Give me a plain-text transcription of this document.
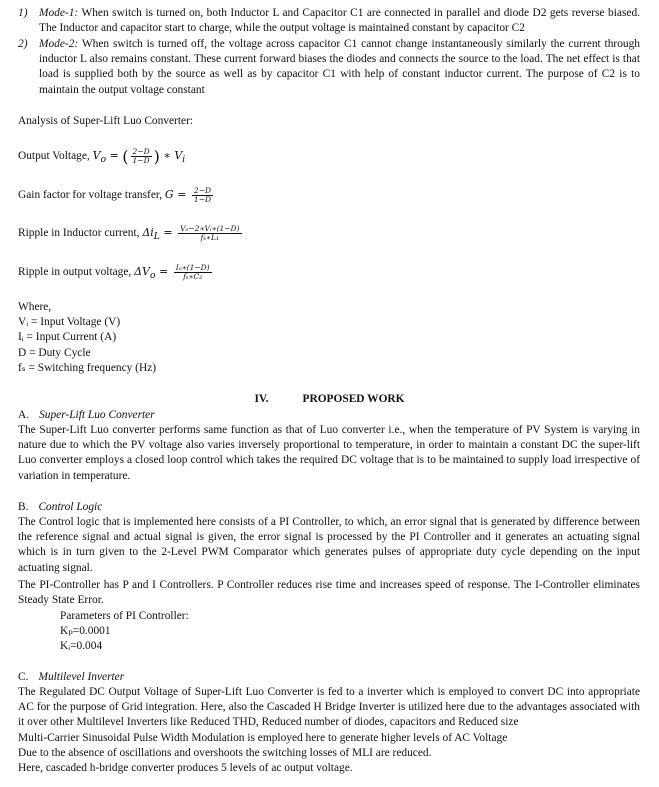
1) Mode-1: When switch is turned on, both Inductor L and Capacitor C1 are connected in parallel and diode D2 gets reverse biased. The Inductor and capacitor start to charge, while the output voltage is maintained constant by capacitor C2
2) Mode-2: When switch is turned off, the voltage across capacitor C1 cannot change instantaneously similarly the current through inductor L also remains constant. These current forward biases the diodes and connects the source to the load. The net effect is that load is supplied both by the source as well as by capacitor C1 with help of constant inductor current. The purpose of C2 is to maintain the output voltage constant
Analysis of Super-Lift Luo Converter:
Output Voltage, $V_o$ = ( $\frac{2-D}{1-D}$ ) ∗ $V_i$
Gain factor for voltage transfer, $G = \frac{2-D}{1-D}$
Ripple in Inductor current, $\Delta i_L = \frac{\text{Vₒ−2∗Vᵢ∗(1−D)}}{\text{fₛ∗L₁}}$
Ripple in output voltage, $\Delta V_o = \frac{\text{Iₒ∗(1−D)}}{\text{fₛ∗C₂}}$
Where,
Vᵢ = Input Voltage (V)
Iᵢ = Input Current (A)
D = Duty Cycle
fₛ = Switching frequency (Hz)
IV.	PROPOSED WORK
A. Super-Lift Luo Converter
The Super-Lift Luo converter performs same function as that of Luo converter i.e., when the temperature of PV System is varying in nature due to which the PV voltage also varies inversely proportional to temperature, in order to maintain a constant DC the super-lift Luo converter employs a closed loop control which takes the required DC voltage that is to be maintained to supply load irrespective of variation in temperature.
B. Control Logic
The Control logic that is implemented here consists of a PI Controller, to which, an error signal that is generated by difference between the reference signal and actual signal is given, the error signal is processed by the PI Controller and it generates an actuating signal which is in turn given to the 2-Level PWM Comparator which generates pulses of appropriate duty cycle depending on the input actuating signal.
The PI-Controller has P and I Controllers. P Controller reduces rise time and increases speed of response. The I-Controller eliminates Steady State Error.
Parameters of PI Controller:
Kₚ=0.0001
Kᵢ=0.004
C. Multilevel Inverter
The Regulated DC Output Voltage of Super-Lift Luo Converter is fed to a inverter which is employed to convert DC into appropriate AC for the purpose of Grid integration. Here, also the Cascaded H Bridge Inverter is utilized here due to the advantages associated with it over other Multilevel Inverters like Reduced THD, Reduced number of diodes, capacitors and Reduced size
Multi-Carrier Sinusoidal Pulse Width Modulation is employed here to generate higher levels of AC Voltage
Due to the absence of oscillations and overshoots the switching losses of MLI are reduced.
Here, cascaded h-bridge converter produces 5 levels of ac output voltage.
